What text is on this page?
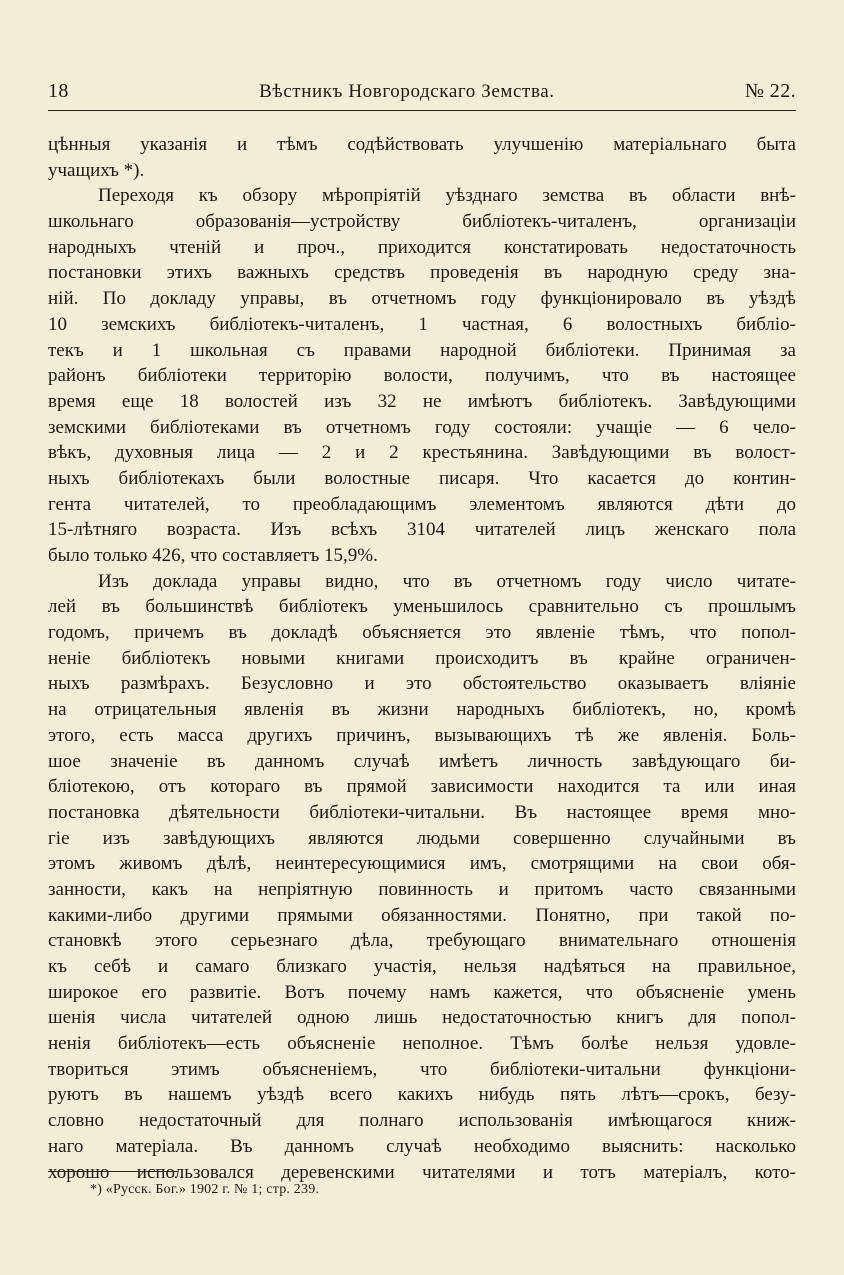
18	Вѣстникъ Новгородскаго Земства.	№ 22.
цѣнныя указанія и тѣмъ содѣйствовать улучшенію матеріальнаго быта
учащихъ *).
Переходя къ обзору мѣропріятій уѣзднаго земства въ области внѣ-
школьнаго образованія—устройству библіотекъ-читаленъ, организаціи
народныхъ чтеній и проч., приходится констатировать недостаточность
постановки этихъ важныхъ средствъ проведенія въ народную среду зна-
ній. По докладу управы, въ отчетномъ году функціонировало въ уѣздѣ
10 земскихъ библіотекъ-читаленъ, 1 частная, 6 волостныхъ библіо-
текъ и 1 школьная съ правами народной библіотеки. Принимая за
районъ библіотеки территорію волости, получимъ, что въ настоящее
время еще 18 волостей изъ 32 не имѣютъ библіотекъ. Завѣдующими
земскими библіотеками въ отчетномъ году состояли: учащіе — 6 чело-
вѣкъ, духовныя лица — 2 и 2 крестьянина. Завѣдующими въ волост-
ныхъ библіотекахъ были волостные писаря. Что касается до контин-
гента читателей, то преобладающимъ элементомъ являются дѣти до
15-лѣтняго возраста. Изъ всѣхъ 3104 читателей лицъ женскаго пола
было только 426, что составляетъ 15,9%.
Изъ доклада управы видно, что въ отчетномъ году число читате-
лей въ большинствѣ библіотекъ уменьшилось сравнительно съ прошлымъ
годомъ, причемъ въ докладѣ объясняется это явленіе тѣмъ, что попол-
неніе библіотекъ новыми книгами происходитъ въ крайне ограничен-
ныхъ размѣрахъ. Безусловно и это обстоятельство оказываетъ вліяніе
на отрицательныя явленія въ жизни народныхъ библіотекъ, но, кромѣ
этого, есть масса другихъ причинъ, вызывающихъ тѣ же явленія. Боль-
шое значеніе въ данномъ случаѣ имѣетъ личность завѣдующаго би-
бліотекою, отъ котораго въ прямой зависимости находится та или иная
постановка дѣятельности библіотеки-читальни. Въ настоящее время мно-
гіе изъ завѣдующихъ являются людьми совершенно случайными въ
этомъ живомъ дѣлѣ, неинтересующимися имъ, смотрящими на свои обя-
занности, какъ на непріятную повинность и притомъ часто связанными
какими-либо другими прямыми обязанностями. Понятно, при такой по-
становкѣ этого серьезнаго дѣла, требующаго внимательнаго отношенія
къ себѣ и самаго близкаго участія, нельзя надѣяться на правильное,
широкое его развитіе. Вотъ почему намъ кажется, что объясненіе умень
шенія числа читателей одною лишь недостаточностью книгъ для попол-
ненія библіотекъ—есть объясненіе неполное. Тѣмъ болѣе нельзя удовле-
твориться этимъ объясненіемъ, что библіотеки-читальни функціони-
руютъ въ нашемъ уѣздѣ всего какихъ нибудь пять лѣтъ—срокъ, безу-
словно недостаточный для полнаго использованія имѣющагося книж-
наго матеріала. Въ данномъ случаѣ необходимо выяснить: насколько
хорошо использовался деревенскими читателями и тотъ матеріалъ, кото-
*) «Русск. Бог.» 1902 г. № 1; стр. 239.
